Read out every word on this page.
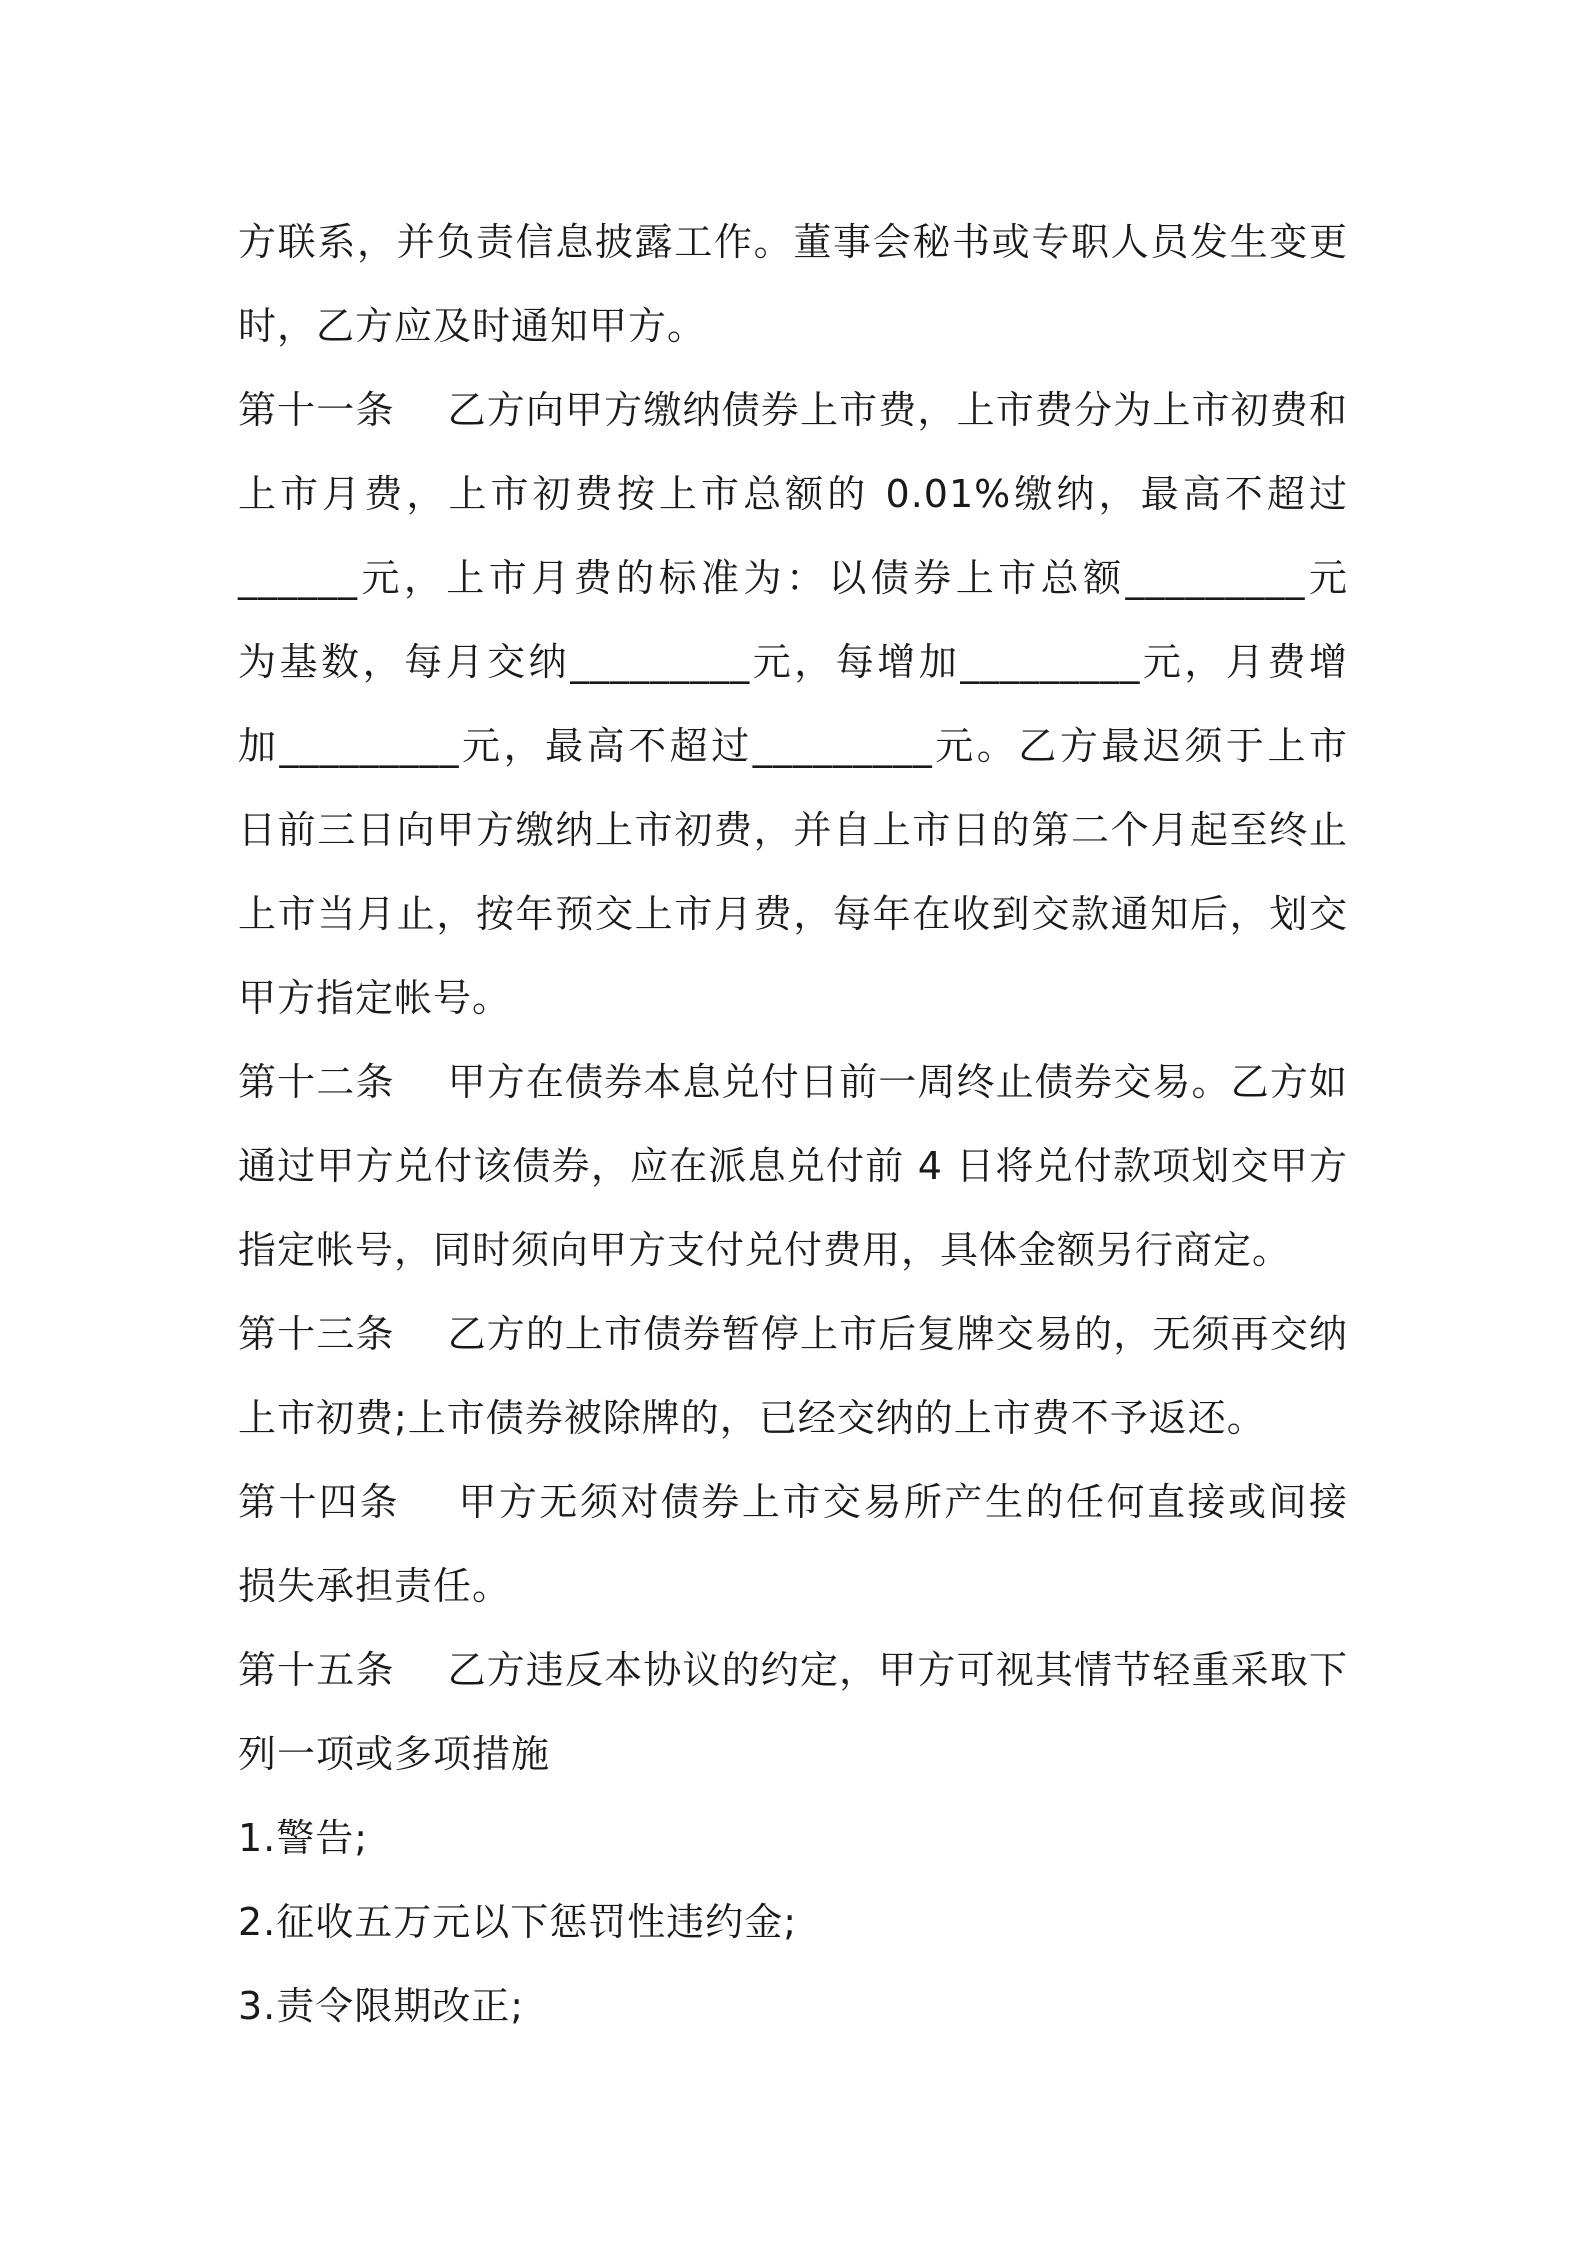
方联系，并负责信息披露工作。董事会秘书或专职人员发生变更
时，乙方应及时通知甲方。
第十一条    乙方向甲方缴纳债券上市费，上市费分为上市初费和
上市月费，上市初费按上市总额的 0.01%缴纳，最高不超过
______元，上市月费的标准为：以债券上市总额_________元
为基数，每月交纳_________元，每增加_________元，月费增
加_________元，最高不超过_________元。乙方最迟须于上市
日前三日向甲方缴纳上市初费，并自上市日的第二个月起至终止
上市当月止，按年预交上市月费，每年在收到交款通知后，划交
甲方指定帐号。
第十二条    甲方在债券本息兑付日前一周终止债券交易。乙方如
通过甲方兑付该债券，应在派息兑付前 4 日将兑付款项划交甲方
指定帐号，同时须向甲方支付兑付费用，具体金额另行商定。
第十三条    乙方的上市债券暂停上市后复牌交易的，无须再交纳
上市初费;上市债券被除牌的，已经交纳的上市费不予返还。
第十四条    甲方无须对债券上市交易所产生的任何直接或间接
损失承担责任。
第十五条    乙方违反本协议的约定，甲方可视其情节轻重采取下
列一项或多项措施
1.警告;
2.征收五万元以下惩罚性违约金;
3.责令限期改正;
